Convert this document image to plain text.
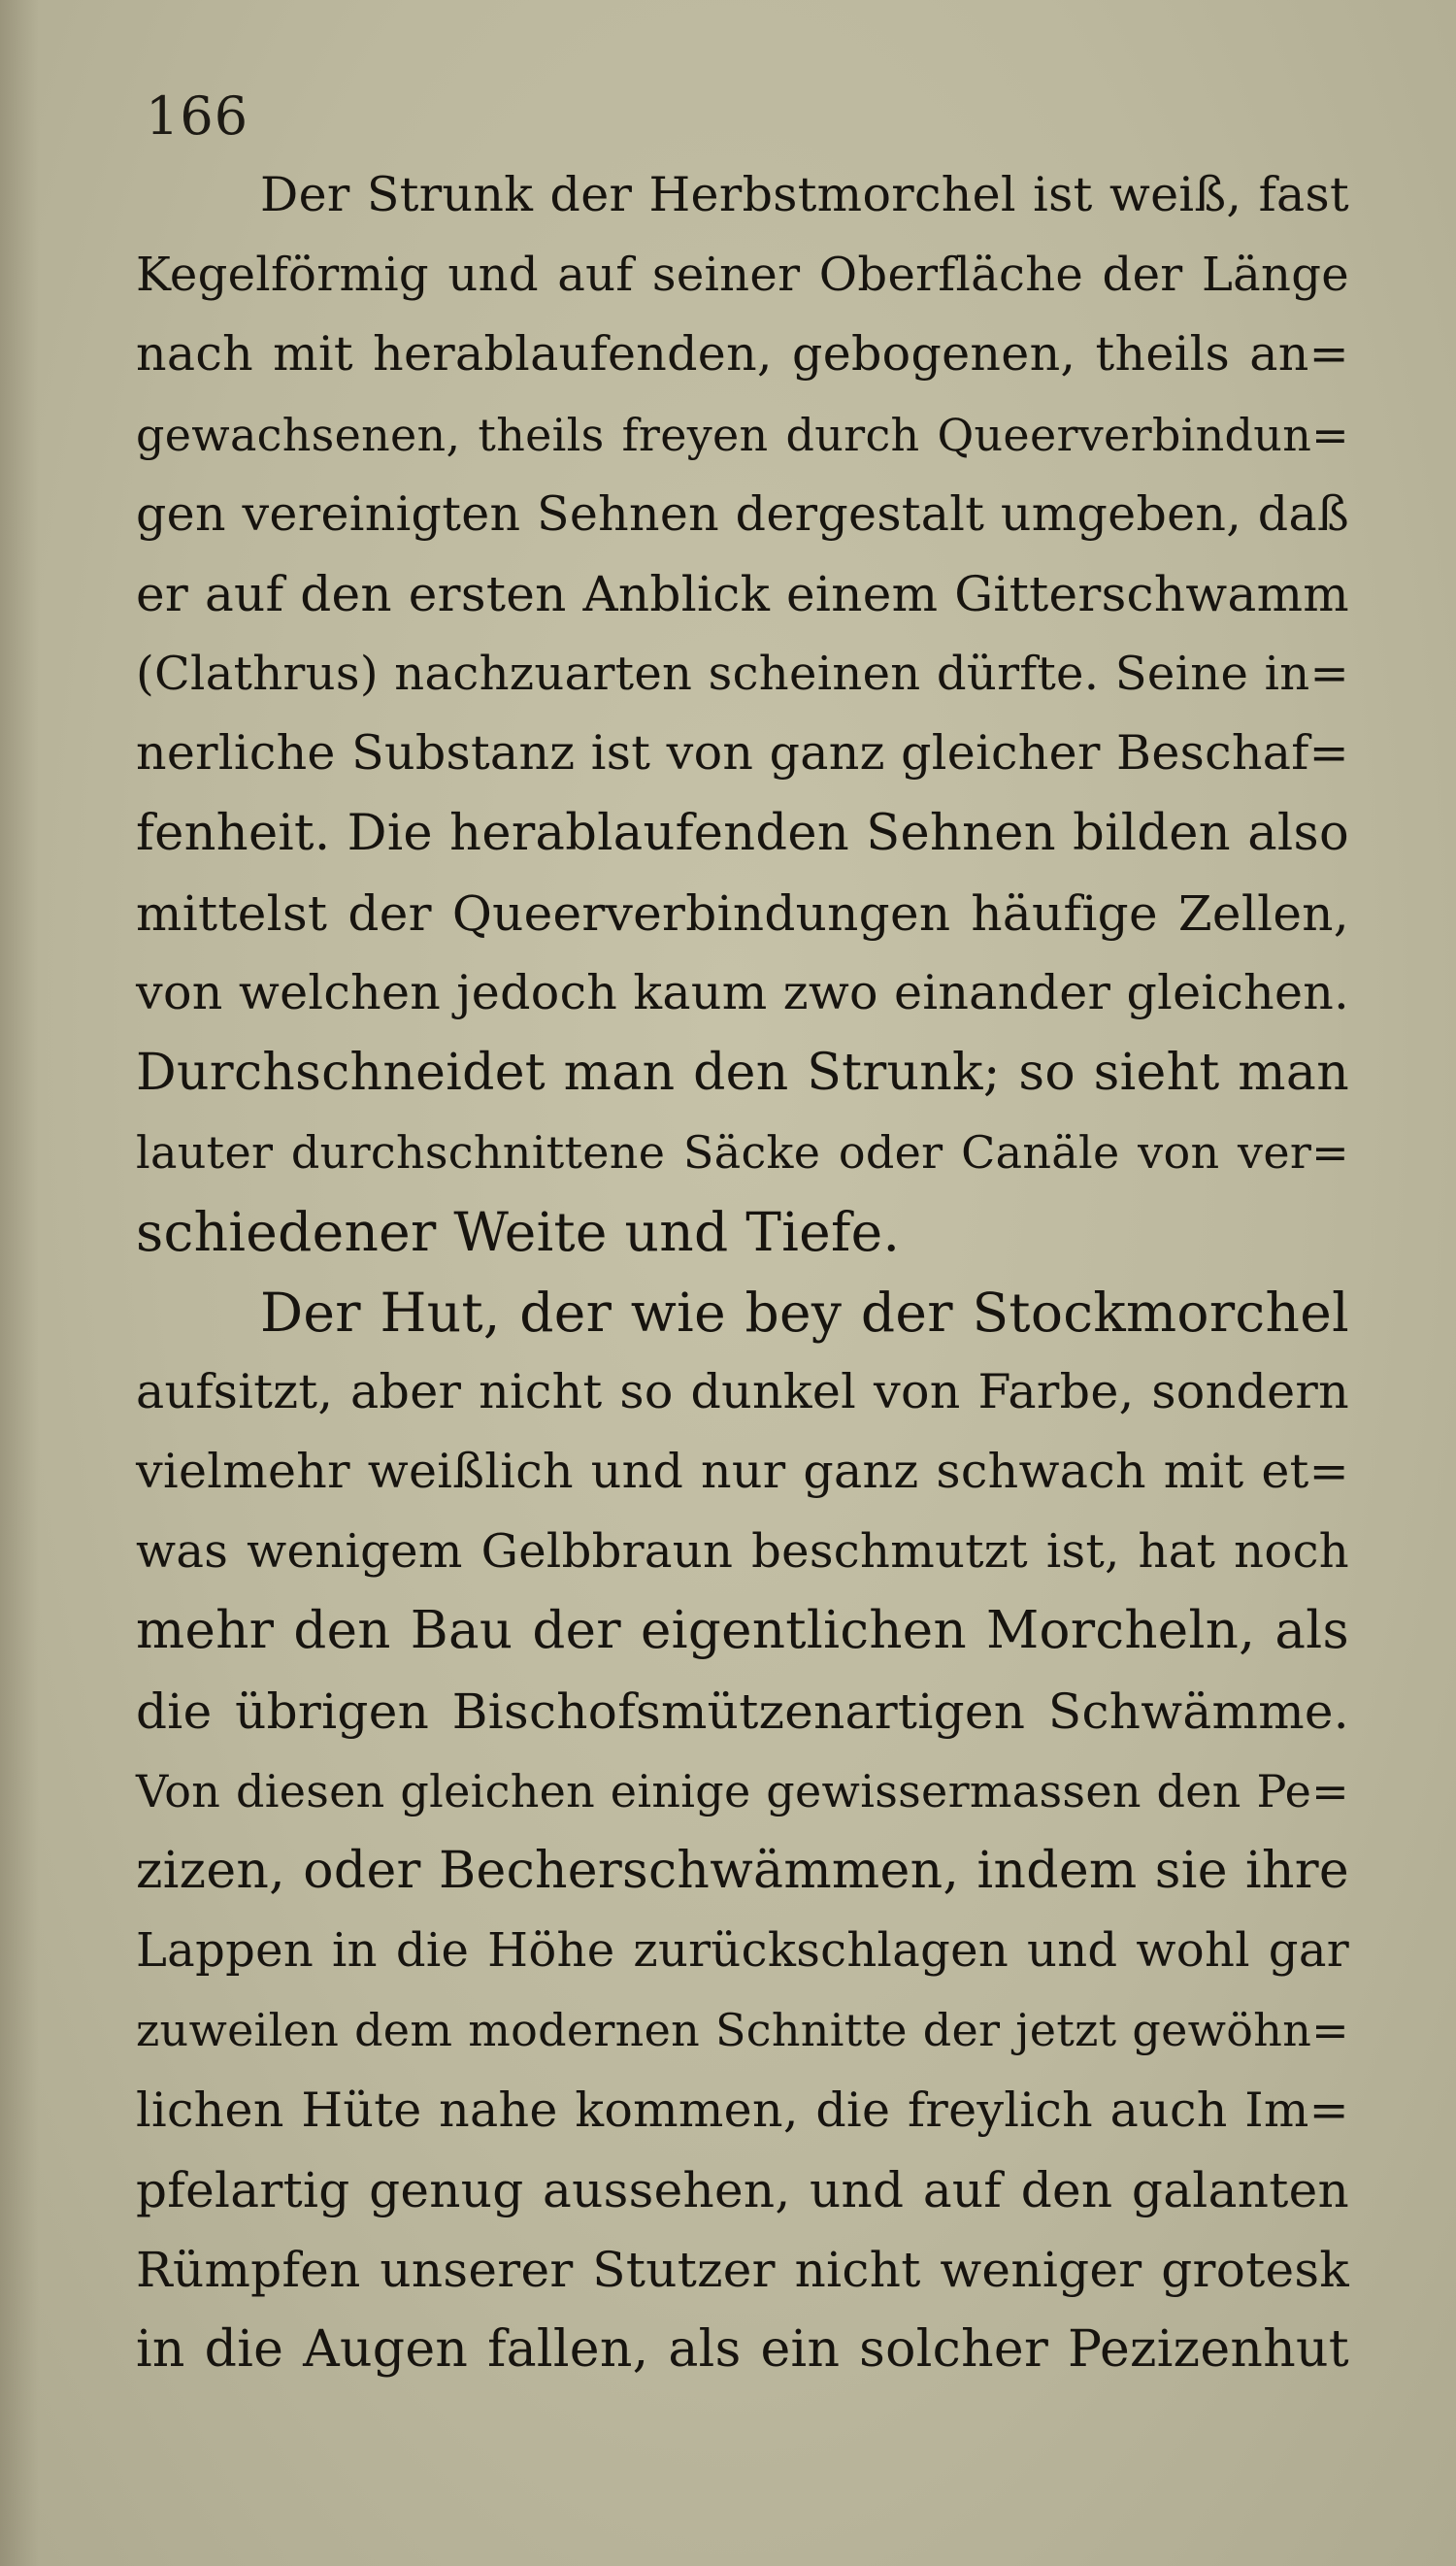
166
Der Strunk der Herbstmorchel ist weiß, fast
Kegelförmig und auf seiner Oberfläche der Länge
nach mit herablaufenden, gebogenen, theils an=
gewachsenen, theils freyen durch Queerverbindun=
gen vereinigten Sehnen dergestalt umgeben, daß
er auf den ersten Anblick einem Gitterschwamm
(Clathrus) nachzuarten scheinen dürfte. Seine in=
nerliche Substanz ist von ganz gleicher Beschaf=
fenheit. Die herablaufenden Sehnen bilden also
mittelst der Queerverbindungen häufige Zellen,
von welchen jedoch kaum zwo einander gleichen.
Durchschneidet man den Strunk; so sieht man
lauter durchschnittene Säcke oder Canäle von ver=
schiedener Weite und Tiefe.
Der Hut, der wie bey der Stockmorchel
aufsitzt, aber nicht so dunkel von Farbe, sondern
vielmehr weißlich und nur ganz schwach mit et=
was wenigem Gelbbraun beschmutzt ist, hat noch
mehr den Bau der eigentlichen Morcheln, als
die übrigen Bischofsmützenartigen Schwämme.
Von diesen gleichen einige gewissermassen den Pe=
zizen, oder Becherschwämmen, indem sie ihre
Lappen in die Höhe zurückschlagen und wohl gar
zuweilen dem modernen Schnitte der jetzt gewöhn=
lichen Hüte nahe kommen, die freylich auch Im=
pfelartig genug aussehen, und auf den galanten
Rümpfen unserer Stutzer nicht weniger grotesk
in die Augen fallen, als ein solcher Pezizenhut
